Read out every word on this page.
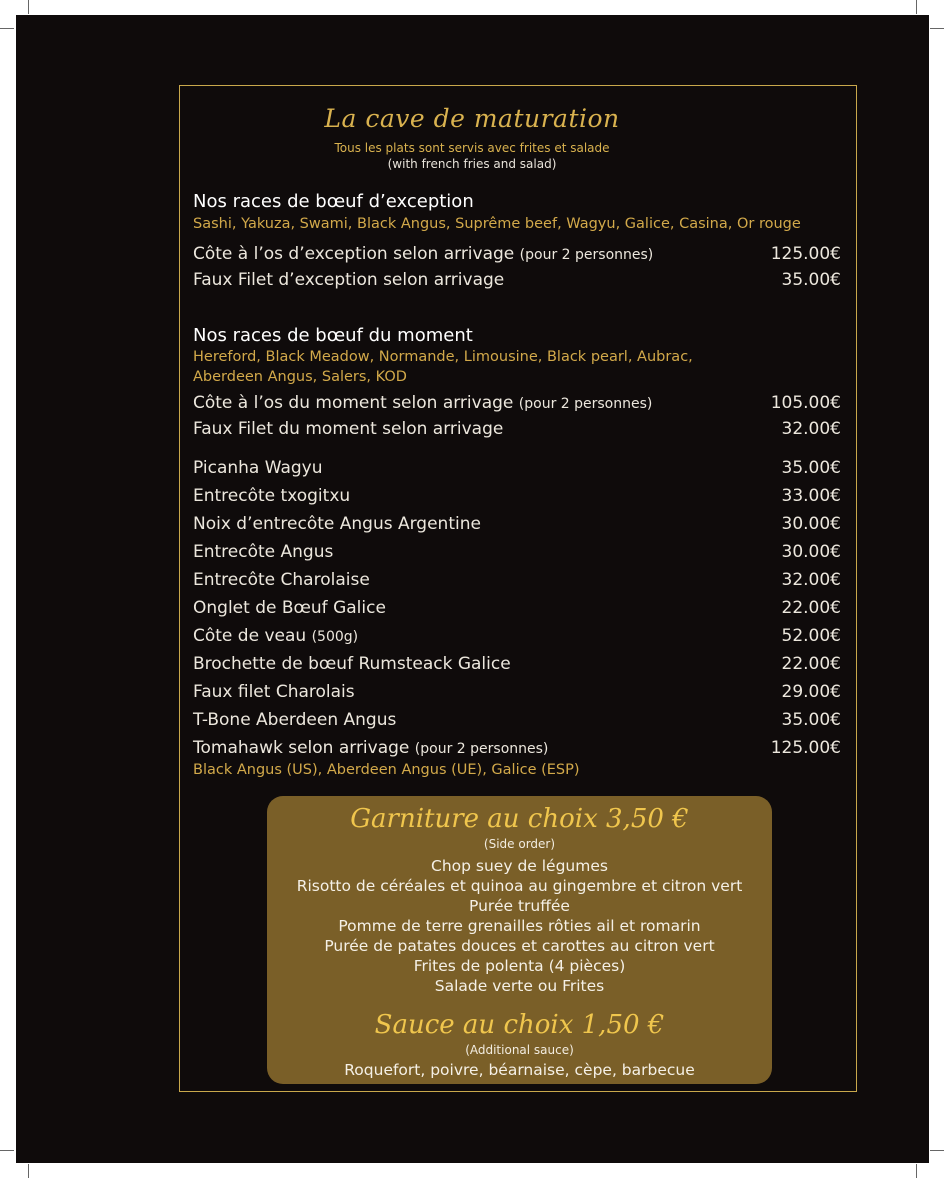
La cave de maturation
Tous les plats sont servis avec frites et salade
(with french fries and salad)
Nos races de bœuf d’exception
Sashi, Yakuza, Swami, Black Angus, Suprême beef, Wagyu, Galice, Casina, Or rouge
Côte à l’os d’exception selon arrivage (pour 2 personnes)	125.00€
Faux Filet d’exception selon arrivage	35.00€
Nos races de bœuf du moment
Hereford, Black Meadow, Normande, Limousine, Black pearl, Aubrac,
Aberdeen Angus, Salers, KOD
Côte à l’os du moment selon arrivage (pour 2 personnes)	105.00€
Faux Filet du moment selon arrivage	32.00€
Picanha Wagyu	35.00€
Entrecôte txogitxu	33.00€
Noix d’entrecôte Angus Argentine	30.00€
Entrecôte Angus	30.00€
Entrecôte Charolaise	32.00€
Onglet de Bœuf Galice	22.00€
Côte de veau (500g)	52.00€
Brochette de bœuf Rumsteack Galice	22.00€
Faux filet Charolais	29.00€
T-Bone Aberdeen Angus	35.00€
Tomahawk selon arrivage (pour 2 personnes)	125.00€
Black Angus (US), Aberdeen Angus (UE), Galice (ESP)
Garniture au choix 3,50 €
(Side order)
Chop suey de légumes
Risotto de céréales et quinoa au gingembre et citron vert
Purée truffée
Pomme de terre grenailles rôties ail et romarin
Purée de patates douces et carottes au citron vert
Frites de polenta (4 pièces)
Salade verte ou Frites
Sauce au choix 1,50 €
(Additional sauce)
Roquefort, poivre, béarnaise, cèpe, barbecue
